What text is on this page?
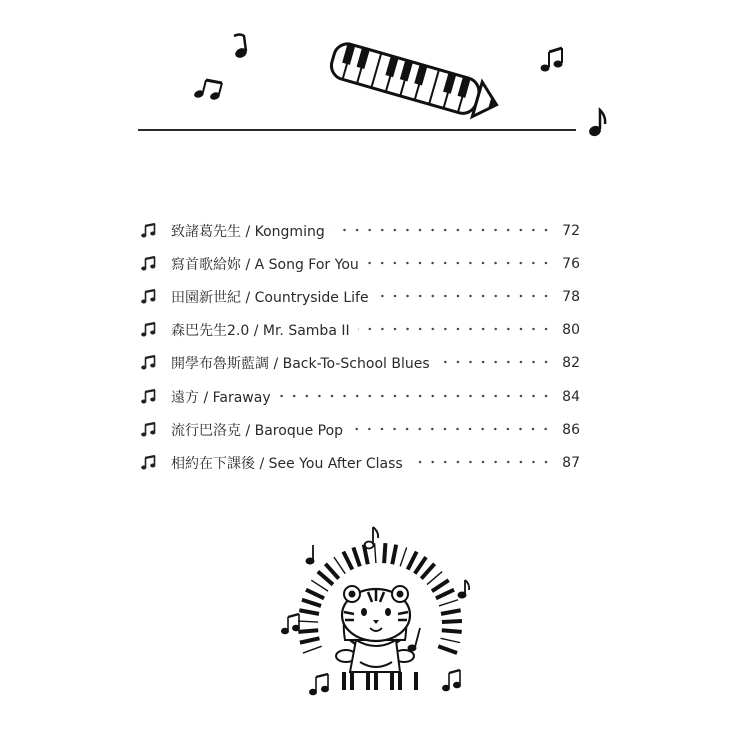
致諸葛先生 / Kongming	72
寫首歌給妳 / A Song For You	76
田園新世紀 / Countryside Life	78
森巴先生2.0 / Mr. Samba II	80
開學布魯斯藍調 / Back-To-School Blues	82
遠方 / Faraway	84
流行巴洛克 / Baroque Pop	86
相約在下課後 / See You After Class	87
